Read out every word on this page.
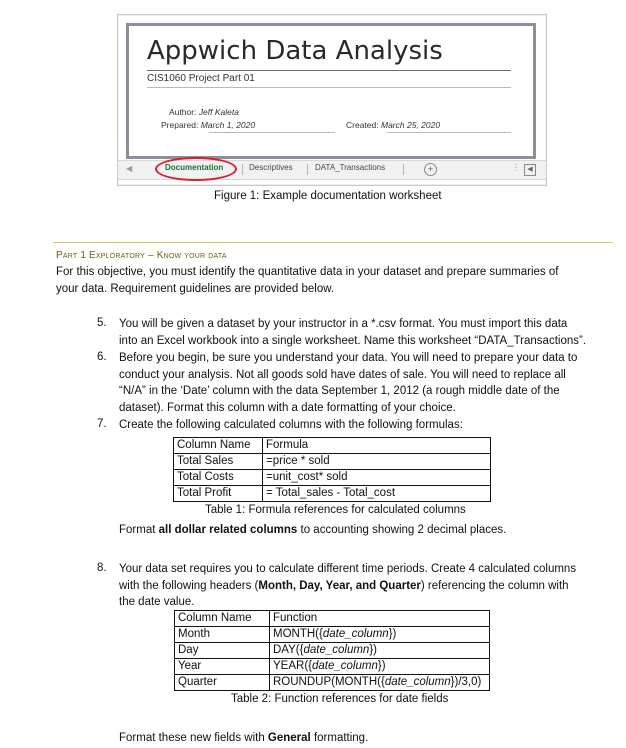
Appwich Data Analysis
CIS1060 Project Part 01
Author: Jeff Kaleta
Prepared: March 1, 2020	Created: March 25, 2020
◀	Documentation	Descriptives	DATA_Transactions	+	⋮	◀
Figure 1: Example documentation worksheet
Part 1 Exploratory – Know your data
For this objective, you must identify the quantitative data in your dataset and prepare summaries of
your data. Requirement guidelines are provided below.
5. You will be given a dataset by your instructor in a *.csv format. You must import this data
into an Excel workbook into a single worksheet. Name this worksheet “DATA_Transactions”.
6. Before you begin, be sure you understand your data. You will need to prepare your data to
conduct your analysis. Not all goods sold have dates of sale. You will need to replace all
“N/A” in the ‘Date’ column with the data September 1, 2012 (a rough middle date of the
dataset). Format this column with a date formatting of your choice.
7. Create the following calculated columns with the following formulas:
Column Name	Formula
Total Sales	=price * sold
Total Costs	=unit_cost* sold
Total Profit	= Total_sales - Total_cost
Table 1: Formula references for calculated columns
Format all dollar related columns to accounting showing 2 decimal places.
8. Your data set requires you to calculate different time periods. Create 4 calculated columns
with the following headers (Month, Day, Year, and Quarter) referencing the column with
the date value.
Column Name	Function
Month	MONTH({date_column})
Day	DAY({date_column})
Year	YEAR({date_column})
Quarter	ROUNDUP(MONTH({date_column})/3,0)
Table 2: Function references for date fields
Format these new fields with General formatting.
